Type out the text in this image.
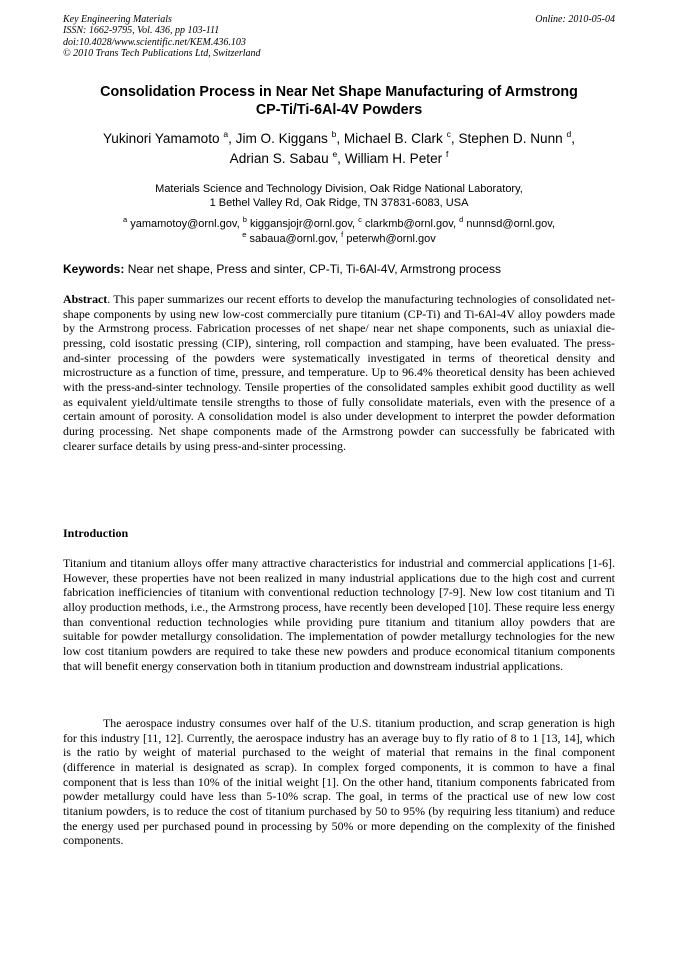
Key Engineering Materials
ISSN: 1662-9795, Vol. 436, pp 103-111
doi:10.4028/www.scientific.net/KEM.436.103
© 2010 Trans Tech Publications Ltd, Switzerland
Online: 2010-05-04
Consolidation Process in Near Net Shape Manufacturing of Armstrong
CP-Ti/Ti-6Al-4V Powders
Yukinori Yamamoto $^a$, Jim O. Kiggans $^b$, Michael B. Clark $^c$, Stephen D. Nunn $^d$,
Adrian S. Sabau $^e$, William H. Peter $^f$
Materials Science and Technology Division, Oak Ridge National Laboratory,
1 Bethel Valley Rd, Oak Ridge, TN 37831-6083, USA
$^a$ yamamotoy@ornl.gov, $^b$ kiggansjojr@ornl.gov, $^c$ clarkmb@ornl.gov, $^d$ nunnsd@ornl.gov,
$^e$ sabaua@ornl.gov, $^f$ peterwh@ornl.gov
Keywords: Near net shape, Press and sinter, CP-Ti, Ti-6Al-4V, Armstrong process
Abstract. This paper summarizes our recent efforts to develop the manufacturing technologies of consolidated net-shape components by using new low-cost commercially pure titanium (CP-Ti) and Ti-6Al-4V alloy powders made by the Armstrong process. Fabrication processes of net shape/ near net shape components, such as uniaxial die-pressing, cold isostatic pressing (CIP), sintering, roll compaction and stamping, have been evaluated. The press-and-sinter processing of the powders were systematically investigated in terms of theoretical density and microstructure as a function of time, pressure, and temperature. Up to 96.4% theoretical density has been achieved with the press-and-sinter technology. Tensile properties of the consolidated samples exhibit good ductility as well as equivalent yield/ultimate tensile strengths to those of fully consolidate materials, even with the presence of a certain amount of porosity. A consolidation model is also under development to interpret the powder deformation during processing. Net shape components made of the Armstrong powder can successfully be fabricated with clearer surface details by using press-and-sinter processing.
Introduction
Titanium and titanium alloys offer many attractive characteristics for industrial and commercial applications [1-6]. However, these properties have not been realized in many industrial applications due to the high cost and current fabrication inefficiencies of titanium with conventional reduction technology [7-9]. New low cost titanium and Ti alloy production methods, i.e., the Armstrong process, have recently been developed [10]. These require less energy than conventional reduction technologies while providing pure titanium and titanium alloy powders that are suitable for powder metallurgy consolidation. The implementation of powder metallurgy technologies for the new low cost titanium powders are required to take these new powders and produce economical titanium components that will benefit energy conservation both in titanium production and downstream industrial applications.
The aerospace industry consumes over half of the U.S. titanium production, and scrap generation is high for this industry [11, 12]. Currently, the aerospace industry has an average buy to fly ratio of 8 to 1 [13, 14], which is the ratio by weight of material purchased to the weight of material that remains in the final component (difference in material is designated as scrap). In complex forged components, it is common to have a final component that is less than 10% of the initial weight [1]. On the other hand, titanium components fabricated from powder metallurgy could have less than 5-10% scrap. The goal, in terms of the practical use of new low cost titanium powders, is to reduce the cost of titanium purchased by 50 to 95% (by requiring less titanium) and reduce the energy used per purchased pound in processing by 50% or more depending on the complexity of the finished components.
